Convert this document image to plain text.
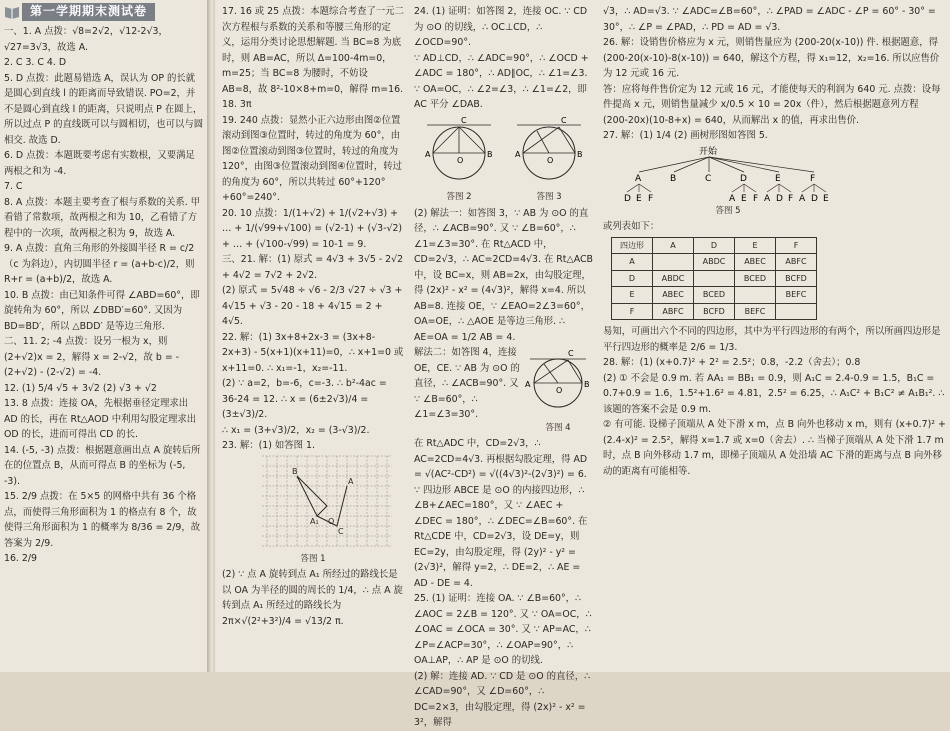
第一学期期末测试卷

一、1. A 点拨：√8=2√2，√12-2√3，√27=3√3，故选 A.

2. C 3. C 4. D

5. D 点拨：此题易错选 A，误认为 OP 的长就是圆心到直线 l 的距离而导致错误. PO=2，并不是圆心到直线 l 的距离，只说明点 P 在圆上，所以过点 P 的直线既可以与圆相切，也可以与圆相交. 故选 D.

6. D 点拨：本题既要考虑有实数根，又要满足两根之和为 -4.

7. C

8. A 点拨：本题主要考查了根与系数的关系. 甲看错了常数项，故两根之和为 10，乙看错了方程中的一次项，故两根之积为 9，故选 A.

9. A 点拨：直角三角形的外接圆半径 R = c/2（c 为斜边），内切圆半径 r = (a+b-c)/2，则 R+r = (a+b)/2，故选 A.

10. B 点拨：由已知条件可得 ∠ABD=60°，即旋转角为 60°，所以 ∠DBD′=60°. 又因为 BD=BD′，所以 △BDD′ 是等边三角形.

二、11. 2; -4 点拨：设另一根为 x，则 (2+√2)x = 2，解得 x = 2-√2，故 b = -(2+√2) - (2-√2) = -4.

12. (1) 5/4 √5 + 3√2 (2) √3 + √2

13. 8 点拨：连接 OA，先根据垂径定理求出 AD 的长，再在 Rt△AOD 中利用勾股定理求出 OD 的长，进而可得出 CD 的长.

14. (-5, -3) 点拨：根据题意画出点 A 旋转后所在的位置点 B，从而可得点 B 的坐标为 (-5, -3).

15. 2/9 点拨：在 5×5 的网格中共有 36 个格点，而使得三角形面积为 1 的格点有 8 个，故使得三角形面积为 1 的概率为 8/36 = 2/9，故答案为 2/9.

16. 2/9

17. 16 或 25 点拨：本题综合考查了一元二次方程根与系数的关系和等腰三角形的定义，运用分类讨论思想解题. 当 BC=8 为底时，则 AB=AC，所以 Δ=100-4m=0，m=25；当 BC=8 为腰时，不妨设 AB=8，故 8²-10×8+m=0，解得 m=16.

18. 3π

19. 240 点拨：显然小正六边形由图②位置滚动到图③位置时，转过的角度为 60°，由图②位置滚动到图③位置时，转过的角度为 120°，由图③位置滚动到图④位置时，转过的角度为 60°，所以共转过 60°+120°+60°=240°.

20. 10 点拨：1/(1+√2) + 1/(√2+√3) + … + 1/(√99+√100) = (√2-1) + (√3-√2) + … + (√100-√99) = 10-1 = 9.

三、21. 解：(1) 原式 = 4√3 + 3√5 - 2√2 + 4√2 = 7√2 + 2√2.

(2) 原式 = 5√48 ÷ √6 - 2/3 √27 ÷ √3 + 4√15 + √3 - 20 - 18 + 4√15 = 2 + 4√5.

22. 解：(1) 3x+8+2x-3 = (3x+8-2x+3) - 5(x+1)(x+11)=0，∴ x+1=0 或 x+11=0. ∴ x₁=-1，x₂=-11.

(2) ∵ a=2，b=-6，c=-3. ∴ b²-4ac = 36-24 = 12. ∴ x = (6±2√3)/4 = (3±√3)/2.

∴ x₁ = (3+√3)/2，x₂ = (3-√3)/2.

23. 解：(1) 如答图 1.

B
A
A₁ O
C
答图 1

(2) ∵ 点 A 旋转到点 A₁ 所经过的路线长是以 OA 为半径的圆的周长的 1/4，∴ 点 A 旋转到点 A₁ 所经过的路线长为 2π×√(2²+3²)/4 = √13/2 π.

24. (1) 证明：如答图 2，连接 OC. ∵ CD 为 ⊙O 的切线，∴ OC⊥CD，∴ ∠OCD=90°.

∵ AD⊥CD，∴ ∠ADC=90°，∴ ∠OCD + ∠ADC = 180°，∴ AD∥OC，∴ ∠1=∠3.

∵ OA=OC，∴ ∠2=∠3，∴ ∠1=∠2，即 AC 平分 ∠DAB.

A	B
C
O
答图 2
A	B
C
O
答图 3

(2) 解法一：如答图 3，∵ AB 为 ⊙O 的直径，∴ ∠ACB=90°. 又 ∵ ∠B=60°，∴ ∠1=∠3=30°. 在 Rt△ACD 中，CD=2√3，∴ AC=2CD=4√3. 在 Rt△ACB 中，设 BC=x，则 AB=2x，由勾股定理，得 (2x)² - x² = (4√3)²，解得 x=4. 所以 AB=8. 连接 OE，∵ ∠EAO=2∠3=60°，OA=OE，∴ △AOE 是等边三角形. ∴ AE=OA = 1/2 AB = 4.

解法二：如答图 4，连接 OE，CE. ∵ AB 为 ⊙O 的直径，∴ ∠ACB=90°. 又 ∵ ∠B=60°，∴ ∠1=∠3=30°.

A	B
C
O
答图 4

在 Rt△ADC 中，CD=2√3，∴ AC=2CD=4√3. 再根据勾股定理，得 AD = √(AC²-CD²) = √((4√3)²-(2√3)²) = 6. ∵ 四边形 ABCE 是 ⊙O 的内接四边形，∴ ∠B+∠AEC=180°，又 ∵ ∠AEC + ∠DEC = 180°，∴ ∠DEC=∠B=60°. 在 Rt△CDE 中，CD=2√3，设 DE=y，则 EC=2y，由勾股定理，得 (2y)² - y² = (2√3)²，解得 y=2，∴ DE=2，∴ AE = AD - DE = 4.

25. (1) 证明：连接 OA. ∵ ∠B=60°，∴ ∠AOC = 2∠B = 120°. 又 ∵ OA=OC，∴ ∠OAC = ∠OCA = 30°. 又 ∵ AP=AC，∴ ∠P=∠ACP=30°，∴ ∠OAP=90°，∴ OA⊥AP，∴ AP 是 ⊙O 的切线.

(2) 解：连接 AD. ∵ CD 是 ⊙O 的直径，∴ ∠CAD=90°，又 ∠D=60°，∴ DC=2×3，由勾股定理，得 (2x)² - x² = 3²，解得

√3，∴ AD=√3. ∵ ∠ADC=∠B=60°，∴ ∠PAD = ∠ADC - ∠P = 60° - 30° = 30°，∴ ∠P = ∠PAD，∴ PD = AD = √3.

26. 解：设销售价格应为 x 元，则销售量应为 (200-20(x-10)) 件. 根据题意，得 (200-20(x-10)-8(x-10)) = 640，解这个方程，得 x₁=12，x₂=16. 所以应售价为 12 元或 16 元.

答：应将每件售价定为 12 元或 16 元，才能使每天的利润为 640 元. 点拨：设每件提高 x 元，则销售量减少 x/0.5 × 10 = 20x（件），然后根据题意列方程 (200-20x)(10-8+x) = 640，从而解出 x 的值，再求出售价.

27. 解：(1) 1/4 (2) 画树形图如答图 5.

开始
A	B	C	D	E	F
D E F	A E F A D F A D E
答图 5

或列表如下：

四边形	A	D	E	F
A		ABDC	ABEC	ABFC
D	ABDC		BCED	BCFD
E	ABEC	BCED		BEFC
F	ABFC	BCFD	BEFC	

易知，可画出六个不同的四边形，其中为平行四边形的有两个，所以所画四边形是平行四边形的概率是 2/6 = 1/3.

28. 解：(1) (x+0.7)² + 2² = 2.5²；0.8，-2.2（舍去）；0.8

(2) ① 不会是 0.9 m. 若 AA₁ = BB₁ = 0.9，则 A₁C = 2.4-0.9 = 1.5，B₁C = 0.7+0.9 = 1.6，1.5²+1.6² = 4.81，2.5² = 6.25，∴ A₁C² + B₁C² ≠ A₁B₁². ∴ 该题的答案不会是 0.9 m.

② 有可能. 设梯子顶端从 A 处下滑 x m，点 B 向外也移动 x m，则有 (x+0.7)² + (2.4-x)² = 2.5²，解得 x=1.7 或 x=0（舍去）. ∴ 当梯子顶端从 A 处下滑 1.7 m 时，点 B 向外移动 1.7 m，即梯子顶端从 A 处沿墙 AC 下滑的距离与点 B 向外移动的距离有可能相等.
